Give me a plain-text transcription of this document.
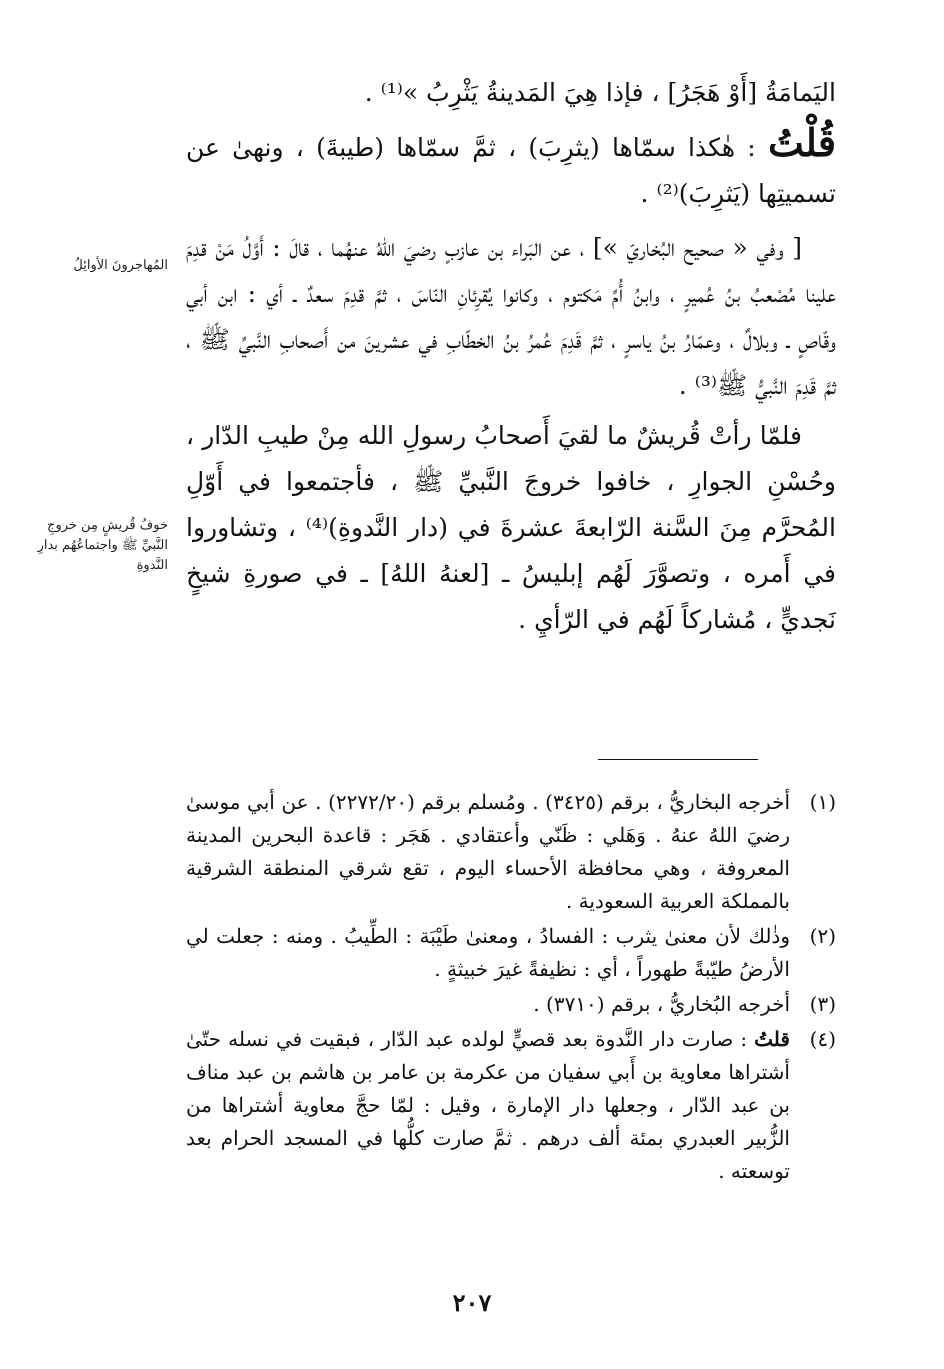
اليَمامَةُ [أَوْ هَجَرُ] ، فإذا هِيَ المَدينةُ يَثْرِبُ »⁽¹⁾ .

قُلْتُ : هٰكذا سمّاها (يثرِبَ) ، ثمَّ سمّاها (طيبةَ) ، ونهىٰ عن تسميتِها (يَثرِبَ)⁽²⁾ .

[ وفي « صحيح البُخاريّ »] ، عن البَراء بن عازبٍ رضيَ اللهُ عنهُما ، قالَ : أَوَّلُ مَنْ قدِمَ علينا مُصْعبُ بنُ عُميرٍ ، وابنُ أُمِّ مَكتوم ، وكانوا يُقرِئانِ النّاسَ ، ثمَّ قدِمَ سعدٌ ـ أي : ابن أبي وقّاصٍ ـ وبلالٌ ، وعمّارُ بنُ ياسرٍ ، ثمَّ قَدِمَ عُمرُ بنُ الخطّابِ في عشرينَ من أَصحابِ النَّبيِّ ﷺ ، ثمَّ قَدِمَ النَّبيُّ ﷺ⁽³⁾ .

فلمّا رأتْ قُريشٌ ما لقيَ أَصحابُ رسولِ الله مِنْ طيبِ الدّار ، وحُسْنِ الجوارِ ، خافوا خروجَ النَّبيِّ ﷺ ، فأجتمعوا في أَوّلِ المُحرَّم مِنَ السَّنة الرّابعةَ عشرةَ في (دار النَّدوةِ)⁽⁴⁾ ، وتشاوروا في أَمره ، وتصوَّرَ لَهُم إبليسُ ـ [لعنهُ اللهُ] ـ في صورةِ شيخٍ نَجديٍّ ، مُشاركاً لَهُم في الرّأيِ .

المُهاجرونَ الأوائِلُ
خوفُ قُريشٍ مِن خروجِ النَّبيِّ ﷺ واجتماعُهُم بدارِ النَّدوةِ
(١)
أخرجه البخاريُّ ، برقم (٣٤٢٥) . ومُسلم برقم (٢٢٧٢/٢٠) . عن أبي موسىٰ رضيَ اللهُ عنهُ . وَهَلي : ظَنّي وأعتقادي . هَجَر : قاعدة البحرين المدينة المعروفة ، وهي محافظة الأحساء اليوم ، تقع شرقي المنطقة الشرقية بالمملكة العربية السعودية .
(٢)
وذٰلك لأن معنىٰ يثرب : الفسادُ ، ومعنىٰ طَيْبَة : الطِّيبُ . ومنه : جعلت لي الأرضُ طيّبةً طهوراً ، أي : نظيفةً غيرَ خبيثةٍ .
(٣)
أخرجه البُخاريُّ ، برقم (٣٧١٠) .
(٤)
قلتُ : صارت دار النَّدوة بعد قصيٍّ لولده عبد الدّار ، فبقيت في نسله حتّىٰ أشتراها معاوية بن أَبي سفيان من عكرمة بن عامر بن هاشم بن عبد مناف بن عبد الدّار ، وجعلها دار الإمارة ، وقيل : لمّا حجَّ معاوية أشتراها من الزُّبير العبدري بمئة ألف درهم . ثمَّ صارت كلُّها في المسجد الحرام بعد توسعته .
٢٠٧
